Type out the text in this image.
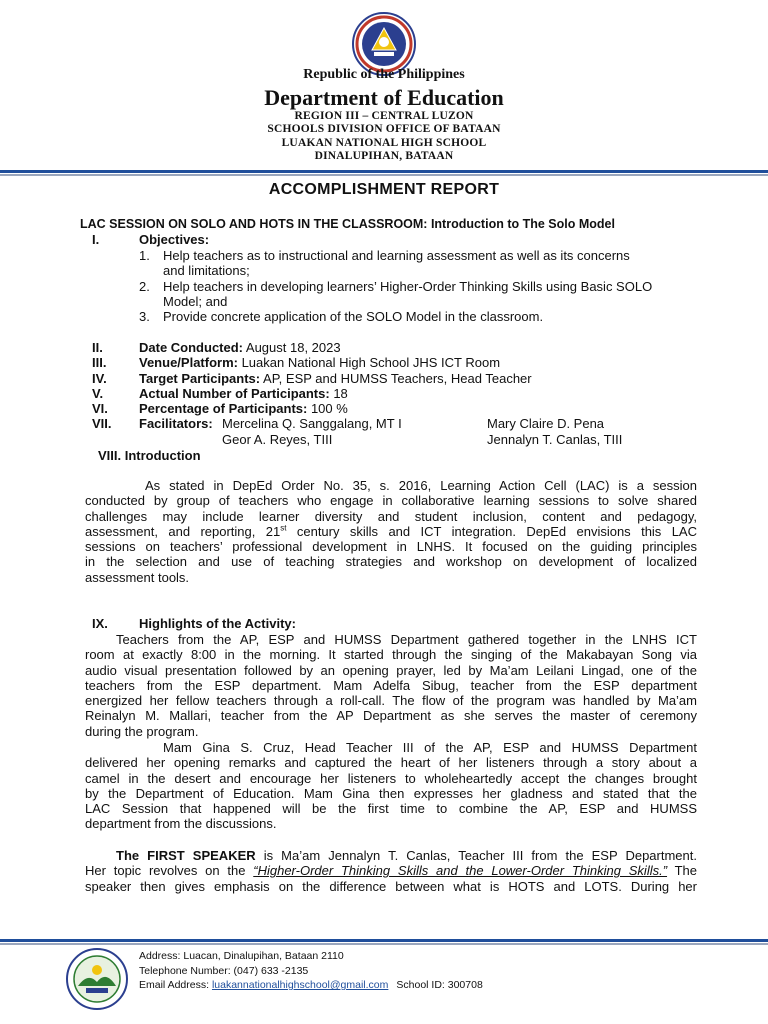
Republic of the Philippines
Department of Education
REGION III – CENTRAL LUZON
SCHOOLS DIVISION OFFICE OF BATAAN
LUAKAN NATIONAL HIGH SCHOOL
DINALUPIHAN, BATAAN
ACCOMPLISHMENT REPORT
LAC SESSION ON SOLO AND HOTS IN THE CLASSROOM: Introduction to The Solo Model
I.	Objectives:
1. Help teachers as to instructional and learning assessment as well as its concerns
and limitations;
2. Help teachers in developing learners’ Higher-Order Thinking Skills using Basic SOLO
Model; and
3. Provide concrete application of the SOLO Model in the classroom.
II.	Date Conducted: August 18, 2023
III.	Venue/Platform: Luakan National High School JHS ICT Room
IV. Target Participants: AP, ESP and HUMSS Teachers, Head Teacher
V.	Actual Number of Participants: 18
VI. Percentage of Participants: 100 %
VII. Facilitators: Mercelina Q. Sanggalang, MT I	Mary Claire D. Pena
Geor A. Reyes, TIII	Jennalyn T. Canlas, TIII
VIII. Introduction
As stated in DepEd Order No. 35, s. 2016, Learning Action Cell (LAC) is a session
conducted by group of teachers who engage in collaborative learning sessions to solve shared
challenges may include learner diversity and student inclusion, content and pedagogy,
assessment, and reporting, 21st century skills and ICT integration. DepEd envisions this LAC
sessions on teachers’ professional development in LNHS. It focused on the guiding principles
in the selection and use of teaching strategies and workshop on development of localized
assessment tools.
IX. Highlights of the Activity:
Teachers from the AP, ESP and HUMSS Department gathered together in the LNHS ICT
room at exactly 8:00 in the morning. It started through the singing of the Makabayan Song via
audio visual presentation followed by an opening prayer, led by Ma’am Leilani Lingad, one of the
teachers from the ESP department. Mam Adelfa Sibug, teacher from the ESP department
energized her fellow teachers through a roll-call. The flow of the program was handled by Ma’am
Reinalyn M. Mallari, teacher from the AP Department as she serves the master of ceremony
during the program.
Mam Gina S. Cruz, Head Teacher III of the AP, ESP and HUMSS Department
delivered her opening remarks and captured the heart of her listeners through a story about a
camel in the desert and encourage her listeners to wholeheartedly accept the changes brought
by the Department of Education. Mam Gina then expresses her gladness and stated that the
LAC Session that happened will be the first time to combine the AP, ESP and HUMSS
department from the discussions.
The FIRST SPEAKER is Ma’am Jennalyn T. Canlas, Teacher III from the ESP Department.
Her topic revolves on the “Higher-Order Thinking Skills and the Lower-Order Thinking Skills.” The
speaker then gives emphasis on the difference between what is HOTS and LOTS. During her
Address: Luacan, Dinalupihan, Bataan 2110
Telephone Number: (047) 633 -2135
Email Address: luakannationalhighschool@gmail.com School ID: 300708
